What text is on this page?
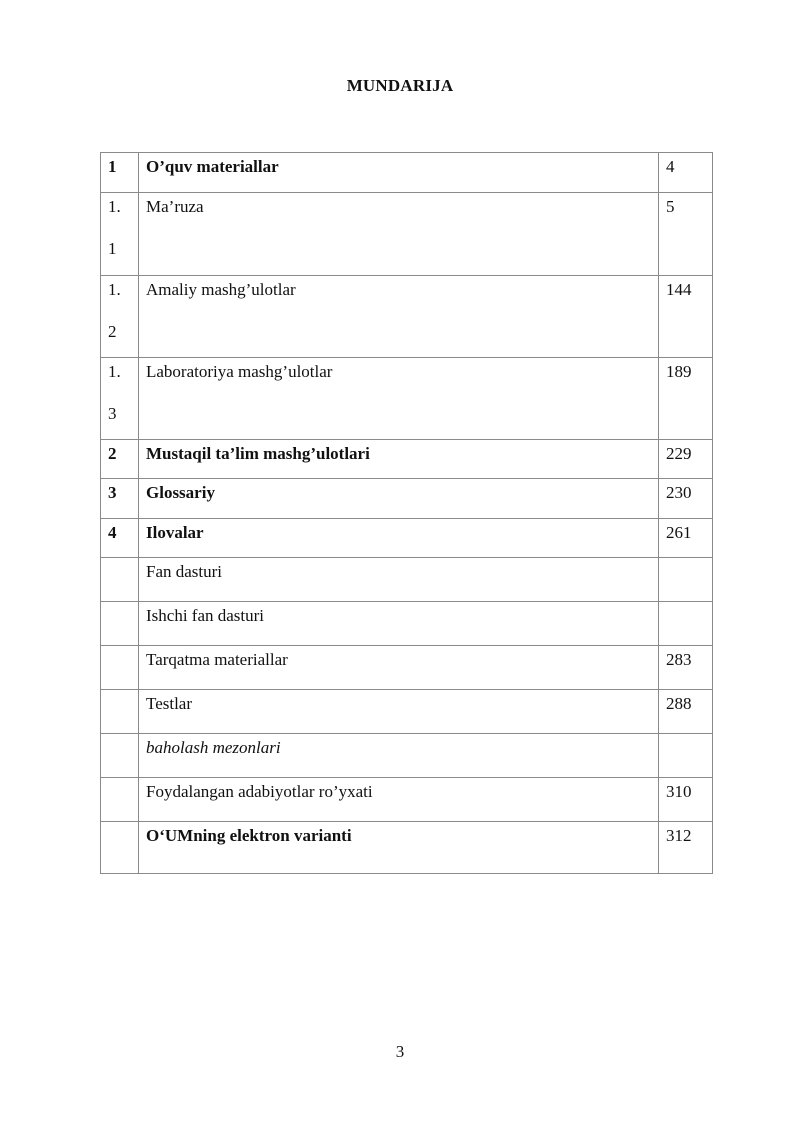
MUNDARIJA
1	O’quv materiallar	4

1.
1	Ma’ruza	5

1.
2	Amaliy mashg’ulotlar	144

1.
3	Laboratoriya mashg’ulotlar	189
2	Mustaqil ta’lim mashg’ulotlari	229
3	Glossariy	230
4	Ilovalar	261
	Fan dasturi	
	Ishchi fan dasturi	
	Tarqatma materiallar	283
	Testlar	288
	baholash mezonlari	
	Foydalangan adabiyotlar ro’yxati	310
	O‘UMning elektron varianti	312
3
